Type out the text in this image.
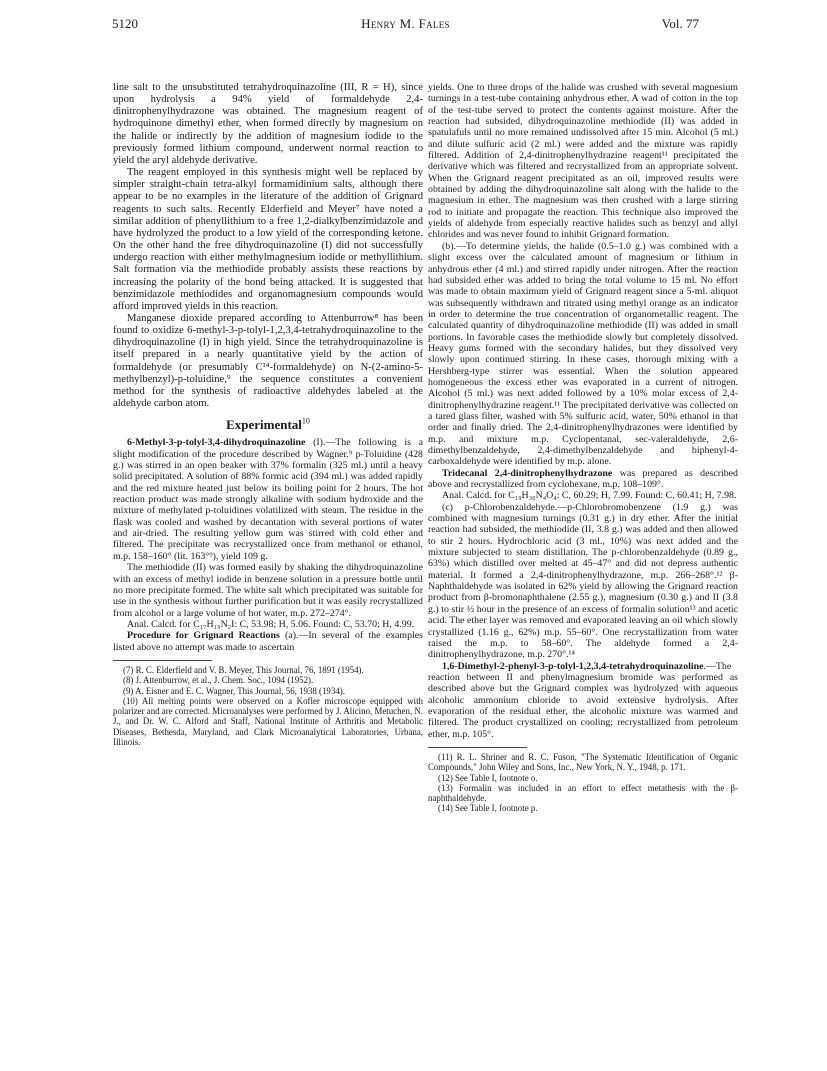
5120	Henry M. Fales	Vol. 77

line salt to the unsubstituted tetrahydroquinazoline (III, R = H), since upon hydrolysis a 94% yield of formaldehyde 2,4-dinitrophenylhydrazone was obtained. The magnesium reagent of hydroquinone dimethyl ether, when formed directly by magnesium on the halide or indirectly by the addition of magnesium iodide to the previously formed lithium compound, underwent normal reaction to yield the aryl aldehyde derivative.

The reagent employed in this synthesis might well be replaced by simpler straight-chain tetra-alkyl formamidinium salts, although there appear to be no examples in the literature of the addition of Grignard reagents to such salts. Recently Elderfield and Meyer⁷ have noted a similar addition of phenyllithium to a free 1,2-dialkylbenzimidazole and have hydrolyzed the product to a low yield of the corresponding ketone. On the other hand the free dihydroquinazoline (I) did not successfully undergo reaction with either methylmagnesium iodide or methyllithium. Salt formation via the methiodide probably assists these reactions by increasing the polarity of the bond being attacked. It is suggested that benzimidazole methiodides and organomagnesium compounds would afford improved yields in this reaction.

Manganese dioxide prepared according to Attenburrow⁸ has been found to oxidize 6-methyl-3-p-tolyl-1,2,3,4-tetrahydroquinazoline to the dihydroquinazoline (I) in high yield. Since the tetrahydroquinazoline is itself prepared in a nearly quantitative yield by the action of formaldehyde (or presumably C¹⁴-formaldehyde) on N-(2-amino-5-methylbenzyl)-p-toluidine,⁹ the sequence constitutes a convenient method for the synthesis of radioactive aldehydes labeled at the aldehyde carbon atom.

Experimental$^{10}$

6-Methyl-3-p-tolyl-3,4-dihydroquinazoline (I).—The following is a slight modification of the procedure described by Wagner.⁹ p-Toluidine (428 g.) was stirred in an open beaker with 37% formalin (325 ml.) until a heavy solid precipitated. A solution of 88% formic acid (394 ml.) was added rapidly and the red mixture heated just below its boiling point for 2 hours. The hot reaction product was made strongly alkaline with sodium hydroxide and the mixture of methylated p-toluidines volatilized with steam. The residue in the flask was cooled and washed by decantation with several portions of water and air-dried. The resulting yellow gum was stirred with cold ether and filtered. The precipitate was recrystallized once from methanol or ethanol, m.p. 158–160° (lit. 163°⁹), yield 109 g.

The methiodide (II) was formed easily by shaking the dihydroquinazoline with an excess of methyl iodide in benzene solution in a pressure bottle until no more precipitate formed. The white salt which precipitated was suitable for use in the synthesis without further purification but it was easily recrystallized from alcohol or a large volume of hot water, m.p. 272–274°.

Anal. Calcd. for C₁₇H₁₉N₂I: C, 53.98; H, 5.06. Found: C, 53.70; H, 4.99.

Procedure for Grignard Reactions (a).—In several of the examples listed above no attempt was made to ascertain

(7) R. C. Elderfield and V. B. Meyer, This Journal, 76, 1891 (1954).

(8) J. Attenburrow, et al., J. Chem. Soc., 1094 (1952).

(9) A. Eisner and E. C. Wagner, This Journal, 56, 1938 (1934).

(10) All melting points were observed on a Kofler microscope equipped with polarizer and are corrected. Microanalyses were performed by J. Alicino, Metuchen, N. J., and Dr. W. C. Alford and Staff, National Institute of Arthritis and Metabolic Diseases, Bethesda, Maryland, and Clark Microanalytical Laboratories, Urbana, Illinois.

yields. One to three drops of the halide was crushed with several magnesium turnings in a test-tube containing anhydrous ether. A wad of cotton in the top of the test-tube served to protect the contents against moisture. After the reaction had subsided, dihydroquinazoline methiodide (II) was added in spatulafuls until no more remained undissolved after 15 min. Alcohol (5 ml.) and dilute sulfuric acid (2 ml.) were added and the mixture was rapidly filtered. Addition of 2,4-dinitrophenylhydrazine reagent¹¹ precipitated the derivative which was filtered and recrystallized from an appropriate solvent. When the Grignard reagent precipitated as an oil, improved results were obtained by adding the dihydroquinazoline salt along with the halide to the magnesium in ether. The magnesium was then crushed with a large stirring rod to initiate and propagate the reaction. This technique also improved the yields of aldehyde from especially reactive halides such as benzyl and allyl chlorides and was never found to inhibit Grignard formation.

(b).—To determine yields, the halide (0.5–1.0 g.) was combined with a slight excess over the calculated amount of magnesium or lithium in anhydrous ether (4 ml.) and stirred rapidly under nitrogen. After the reaction had subsided ether was added to bring the total volume to 15 ml. No effort was made to obtain maximum yield of Grignard reagent since a 5-ml. aliquot was subsequently withdrawn and titrated using methyl orange as an indicator in order to determine the true concentration of organometallic reagent. The calculated quantity of dihydroquinazoline methiodide (II) was added in small portions. In favorable cases the methiodide slowly but completely dissolved. Heavy gums formed with the secondary halides, but they dissolved very slowly upon continued stirring. In these cases, thorough mixing with a Hershberg-type stirrer was essential. When the solution appeared homogeneous the excess ether was evaporated in a current of nitrogen. Alcohol (5 ml.) was next added followed by a 10% molar excess of 2,4-dinitrophenylhydrazine reagent.¹¹ The precipitated derivative was collected on a tared glass filter, washed with 5% sulfuric acid, water, 50% ethanol in that order and finally dried. The 2,4-dinitrophenylhydrazones were identified by m.p. and mixture m.p. Cyclopentanal, sec-valeraldehyde, 2,6-dimethylbenzaldehyde, 2,4-dimethylbenzaldehyde and biphenyl-4-carboxaldehyde were identified by m.p. alone.

Tridecanal 2,4-dinitrophenylhydrazone was prepared as described above and recrystallized from cyclohexane, m.p. 108–109°.

Anal. Calcd. for C₁₉H₃₀N₄O₄: C, 60.29; H, 7.99. Found: C, 60.41; H, 7.98.

(c) p-Chlorobenzaldehyde.—p-Chlorobromobenzene (1.9 g.) was combined with magnesium turnings (0.31 g.) in dry ether. After the initial reaction had subsided, the methiodide (II, 3.8 g.) was added and then allowed to stir 2 hours. Hydrochloric acid (3 ml., 10%) was next added and the mixture subjected to steam distillation. The p-chlorobenzaldehyde (0.89 g., 63%) which distilled over melted at 45–47° and did not depress authentic material. It formed a 2,4-dinitrophenylhydrazone, m.p. 266–268°.¹² β-Naphthaldehyde was isolated in 62% yield by allowing the Grignard reaction product from β-bromonaphthalene (2.55 g.), magnesium (0.30 g.) and II (3.8 g.) to stir ½ hour in the presence of an excess of formalin solution¹³ and acetic acid. The ether layer was removed and evaporated leaving an oil which slowly crystallized (1.16 g., 62%) m.p. 55–60°. One recrystallization from water raised the m.p. to 58–60°. The aldehyde formed a 2,4-dinitrophenylhydrazone, m.p. 270°.¹⁴

1,6-Dimethyl-2-phenyl-3-p-tolyl-1,2,3,4-tetrahydroquinazoline.—The reaction between II and phenylmagnesium bromide was performed as described above but the Grignard complex was hydrolyzed with aqueous alcoholic ammonium chloride to avoid extensive hydrolysis. After evaporation of the residual ether, the alcoholic mixture was warmed and filtered. The product crystallized on cooling; recrystallized from petroleum ether, m.p. 105°.

(11) R. L. Shriner and R. C. Fuson, "The Systematic Identification of Organic Compounds," John Wiley and Sons, Inc., New York, N. Y., 1948, p. 171.

(12) See Table I, footnote o.

(13) Formalin was included in an effort to effect metathesis with the β-naphthaldehyde.

(14) See Table I, footnote p.
